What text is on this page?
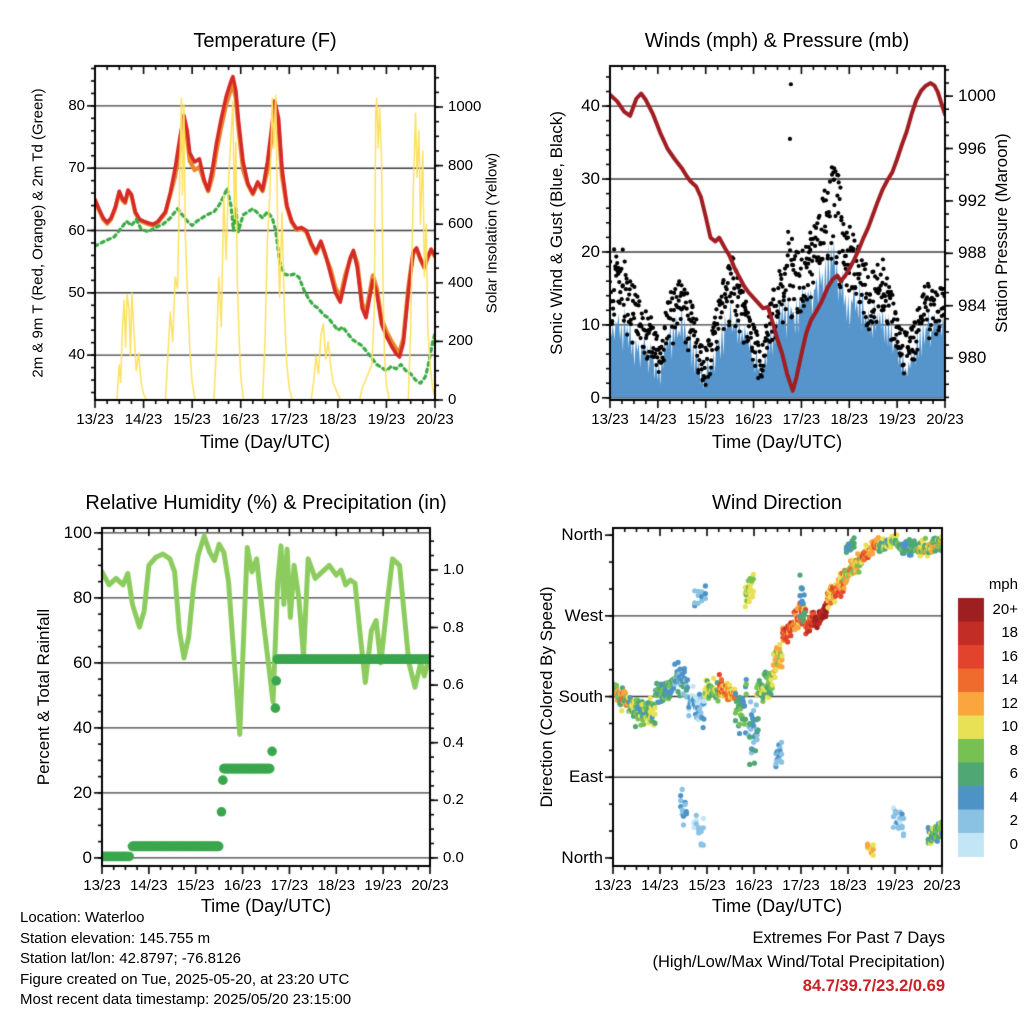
Temperature (F)	Winds (mph) & Pressure (mb)
Relative Humidity (%) & Precipitation (in)	Wind Direction
2m & 9m T (Red, Orange) & 2m Td (Green)	Solar Insolation (Yellow)	Sonic Wind & Gust (Blue, Black)	Station Pressure (Maroon)
Percent & Total Rainfall	Direction (Colored By Speed)
Time (Day/UTC)	Time (Day/UTC)
Time (Day/UTC)	Time (Day/UTC)
mph
13/23 14/23 15/23 16/23 17/23 18/23 19/23 20/23
40
50
60
70
80
0
200
400
600
800
1000
13/23 14/23 15/23 16/23 17/23 18/23 19/23 20/23
0
10
20
30
40
980
984
988
992
996
1000
13/23 14/23 15/23 16/23 17/23 18/23 19/23 20/23
0
20
40
60
80
100
0.0
0.2
0.4
0.6
0.8
1.0
13/23 14/23 15/23 16/23 17/23 18/23 19/23 20/23
North
East
South
West
North
20+
18
16
14
12
10
8
6
4
2
0
Location: Waterloo
Station elevation: 145.755 m
Station lat/lon: 42.8797; -76.8126
Figure created on Tue, 2025-05-20, at 23:20 UTC
Most recent data timestamp: 2025/05/20 23:15:00
Extremes For Past 7 Days
(High/Low/Max Wind/Total Precipitation)
84.7/39.7/23.2/0.69
